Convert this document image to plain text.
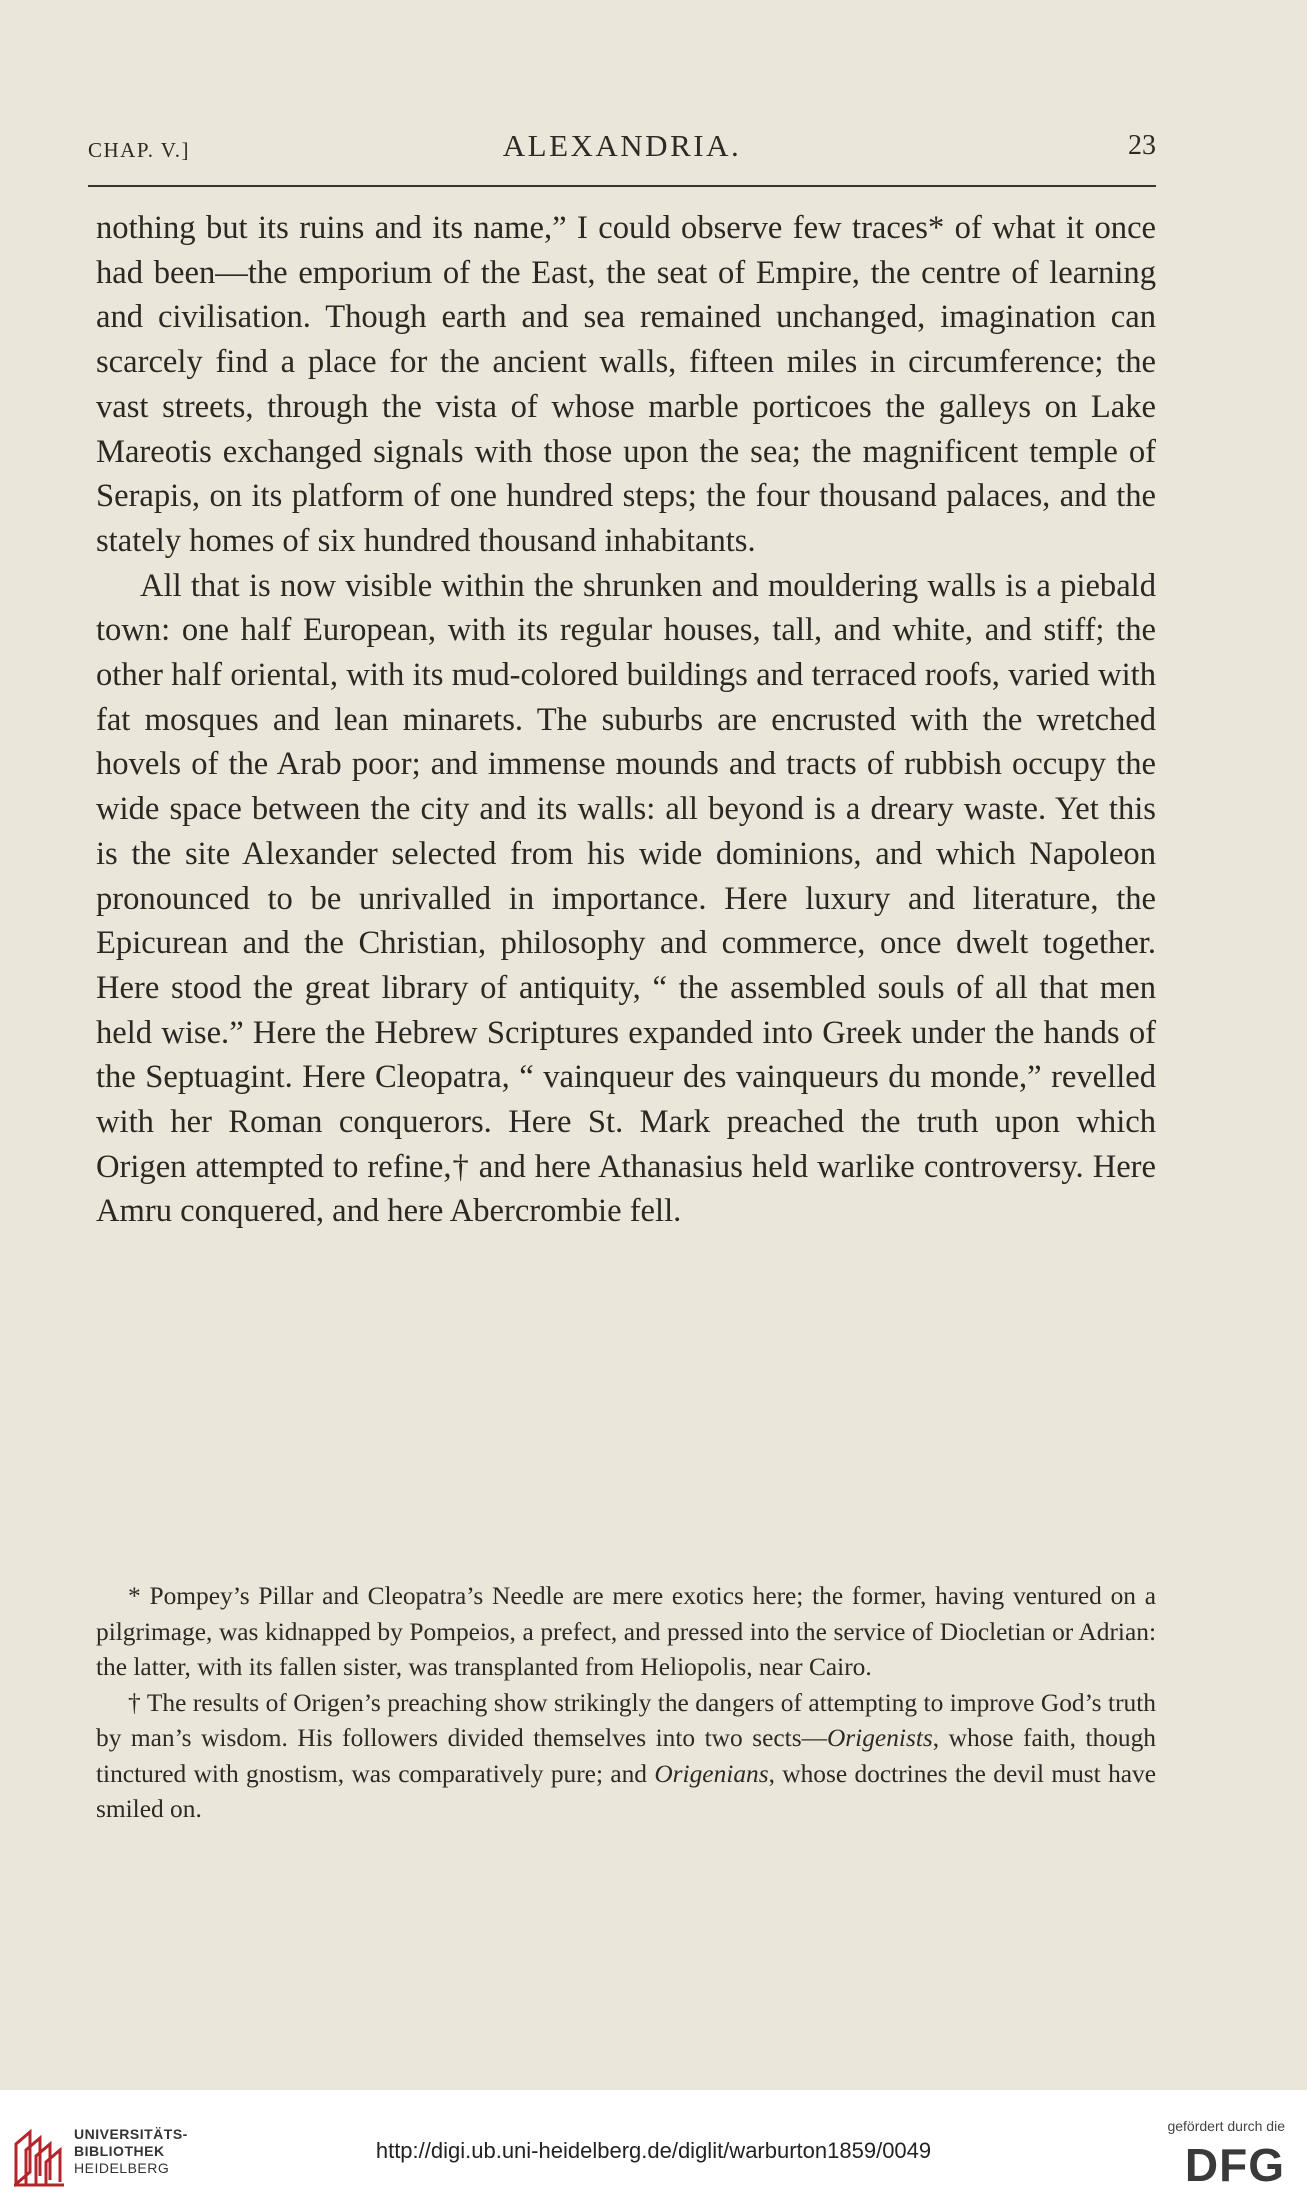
CHAP. V.]	ALEXANDRIA.	23

nothing but its ruins and its name,” I could observe few traces* of what it once had been—the emporium of the East, the seat of Empire, the centre of learning and civilisation. Though earth and sea remained unchanged, imagination can scarcely find a place for the ancient walls, fifteen miles in circumference; the vast streets, through the vista of whose marble porticoes the galleys on Lake Mareotis exchanged signals with those upon the sea; the magnificent temple of Serapis, on its platform of one hundred steps; the four thousand palaces, and the stately homes of six hundred thousand inhabitants.

All that is now visible within the shrunken and mouldering walls is a piebald town: one half European, with its regular houses, tall, and white, and stiff; the other half oriental, with its mud-colored buildings and terraced roofs, varied with fat mosques and lean minarets. The suburbs are encrusted with the wretched hovels of the Arab poor; and immense mounds and tracts of rubbish occupy the wide space between the city and its walls: all beyond is a dreary waste. Yet this is the site Alexander selected from his wide dominions, and which Napoleon pronounced to be unrivalled in importance. Here luxury and literature, the Epicurean and the Christian, philosophy and commerce, once dwelt together. Here stood the great library of antiquity, “ the assembled souls of all that men held wise.” Here the Hebrew Scriptures expanded into Greek under the hands of the Septuagint. Here Cleopatra, “ vainqueur des vainqueurs du monde,” revelled with her Roman conquerors. Here St. Mark preached the truth upon which Origen attempted to refine,† and here Athanasius held warlike controversy. Here Amru conquered, and here Abercrombie fell.

* Pompey’s Pillar and Cleopatra’s Needle are mere exotics here; the former, having ventured on a pilgrimage, was kidnapped by Pompeios, a prefect, and pressed into the service of Diocletian or Adrian: the latter, with its fallen sister, was transplanted from Heliopolis, near Cairo.

† The results of Origen’s preaching show strikingly the dangers of attempting to improve God’s truth by man’s wisdom. His followers divided themselves into two sects—Origenists, whose faith, though tinctured with gnostism, was comparatively pure; and Origenians, whose doctrines the devil must have smiled on.

UNIVERSITÄTS-
BIBLIOTHEK
HEIDELBERG
http://digi.ub.uni-heidelberg.de/diglit/warburton1859/0049
gefördert durch die
DFG
